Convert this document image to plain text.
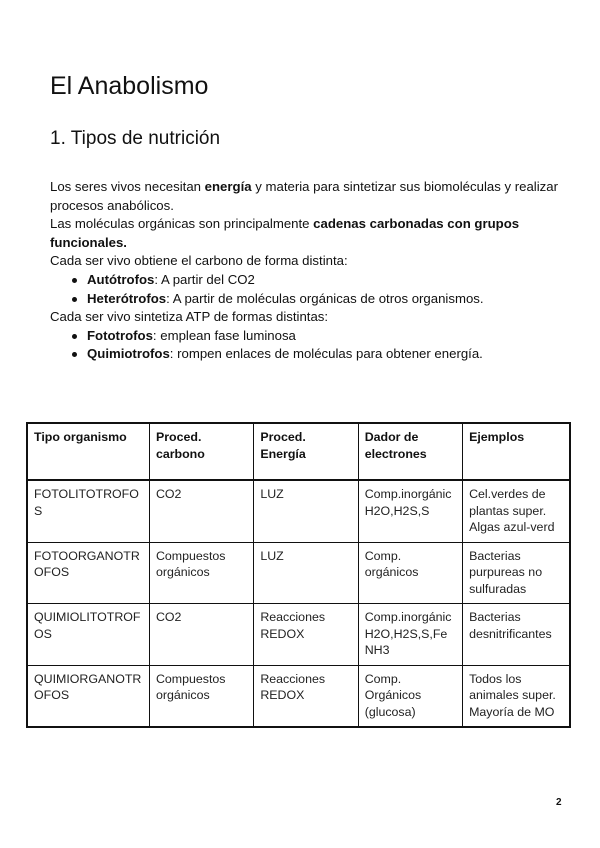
El Anabolismo
1. Tipos de nutrición

Los seres vivos necesitan energía y materia para sintetizar sus biomoléculas y realizar procesos anabólicos.

Las moléculas orgánicas son principalmente cadenas carbonadas con grupos funcionales.

Cada ser vivo obtiene el carbono de forma distinta:

Autótrofos: A partir del CO2
Heterótrofos: A partir de moléculas orgánicas de otros organismos.

Cada ser vivo sintetiza ATP de formas distintas:

Fototrofos: emplean fase luminosa
Quimiotrofos: rompen enlaces de moléculas para obtener energía.
Tipo organismo	Proced. carbono	Proced. Energía	Dador de electrones	Ejemplos
FOTOLITOTROFOS	CO2	LUZ	Comp.inorgánic H2O,H2S,S	Cel.verdes de plantas super. Algas azul-verd
FOTOORGANOTROFOS	Compuestos orgánicos	LUZ	Comp. orgánicos	Bacterias purpureas no sulfuradas
QUIMIOLITOTROFOS	CO2	Reacciones REDOX	Comp.inorgánic H2O,H2S,S,Fe NH3	Bacterias desnitrificantes
QUIMIORGANOTROFOS	Compuestos orgánicos	Reacciones REDOX	Comp. Orgánicos (glucosa)	Todos los animales super. Mayoría de MO
2
